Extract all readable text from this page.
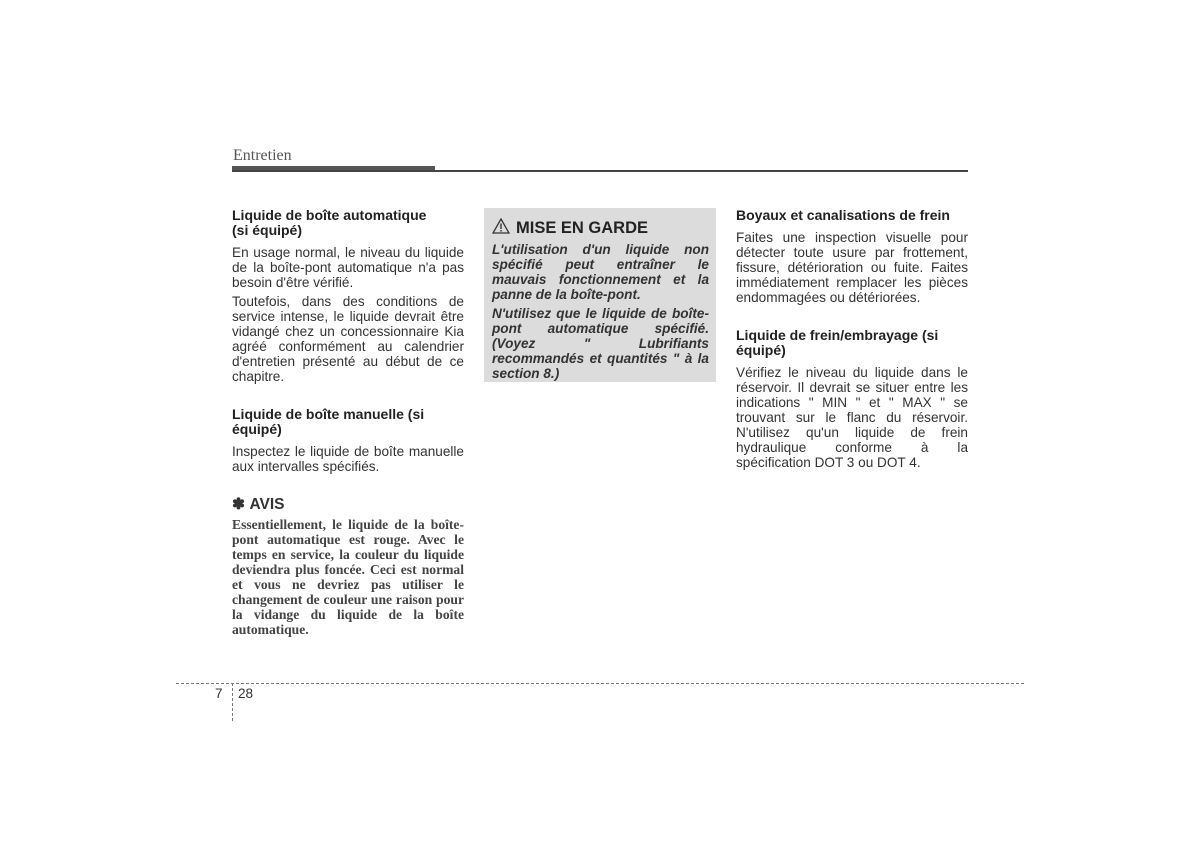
Entretien
Liquide de boîte automatique (si équipé)

En usage normal, le niveau du liquide de la boîte-pont automatique n'a pas besoin d'être vérifié.

Toutefois, dans des conditions de service intense, le liquide devrait être vidangé chez un concessionnaire Kia agréé conformément au calendrier d'entretien présenté au début de ce chapitre.

Liquide de boîte manuelle (si équipé)

Inspectez le liquide de boîte manuelle aux intervalles spécifiés.

✽ AVIS

Essentiellement, le liquide de la boîte-pont automatique est rouge. Avec le temps en service, la couleur du liquide deviendra plus foncée. Ceci est normal et vous ne devriez pas utiliser le changement de couleur une raison pour la vidange du liquide de la boîte automatique.

MISE EN GARDE

L'utilisation d'un liquide non spécifié peut entraîner le mauvais fonctionnement et la panne de la boîte-pont.

N'utilisez que le liquide de boîte-pont automatique spécifié. (Voyez " Lubrifiants recommandés et quantités " à la section 8.)

Boyaux et canalisations de frein

Faites une inspection visuelle pour détecter toute usure par frottement, fissure, détérioration ou fuite. Faites immédiatement remplacer les pièces endommagées ou détériorées.

Liquide de frein/embrayage (si équipé)

Vérifiez le niveau du liquide dans le réservoir. Il devrait se situer entre les indications " MIN " et " MAX " se trouvant sur le flanc du réservoir. N'utilisez qu'un liquide de frein hydraulique conforme à la spécification DOT 3 ou DOT 4.

7 28
